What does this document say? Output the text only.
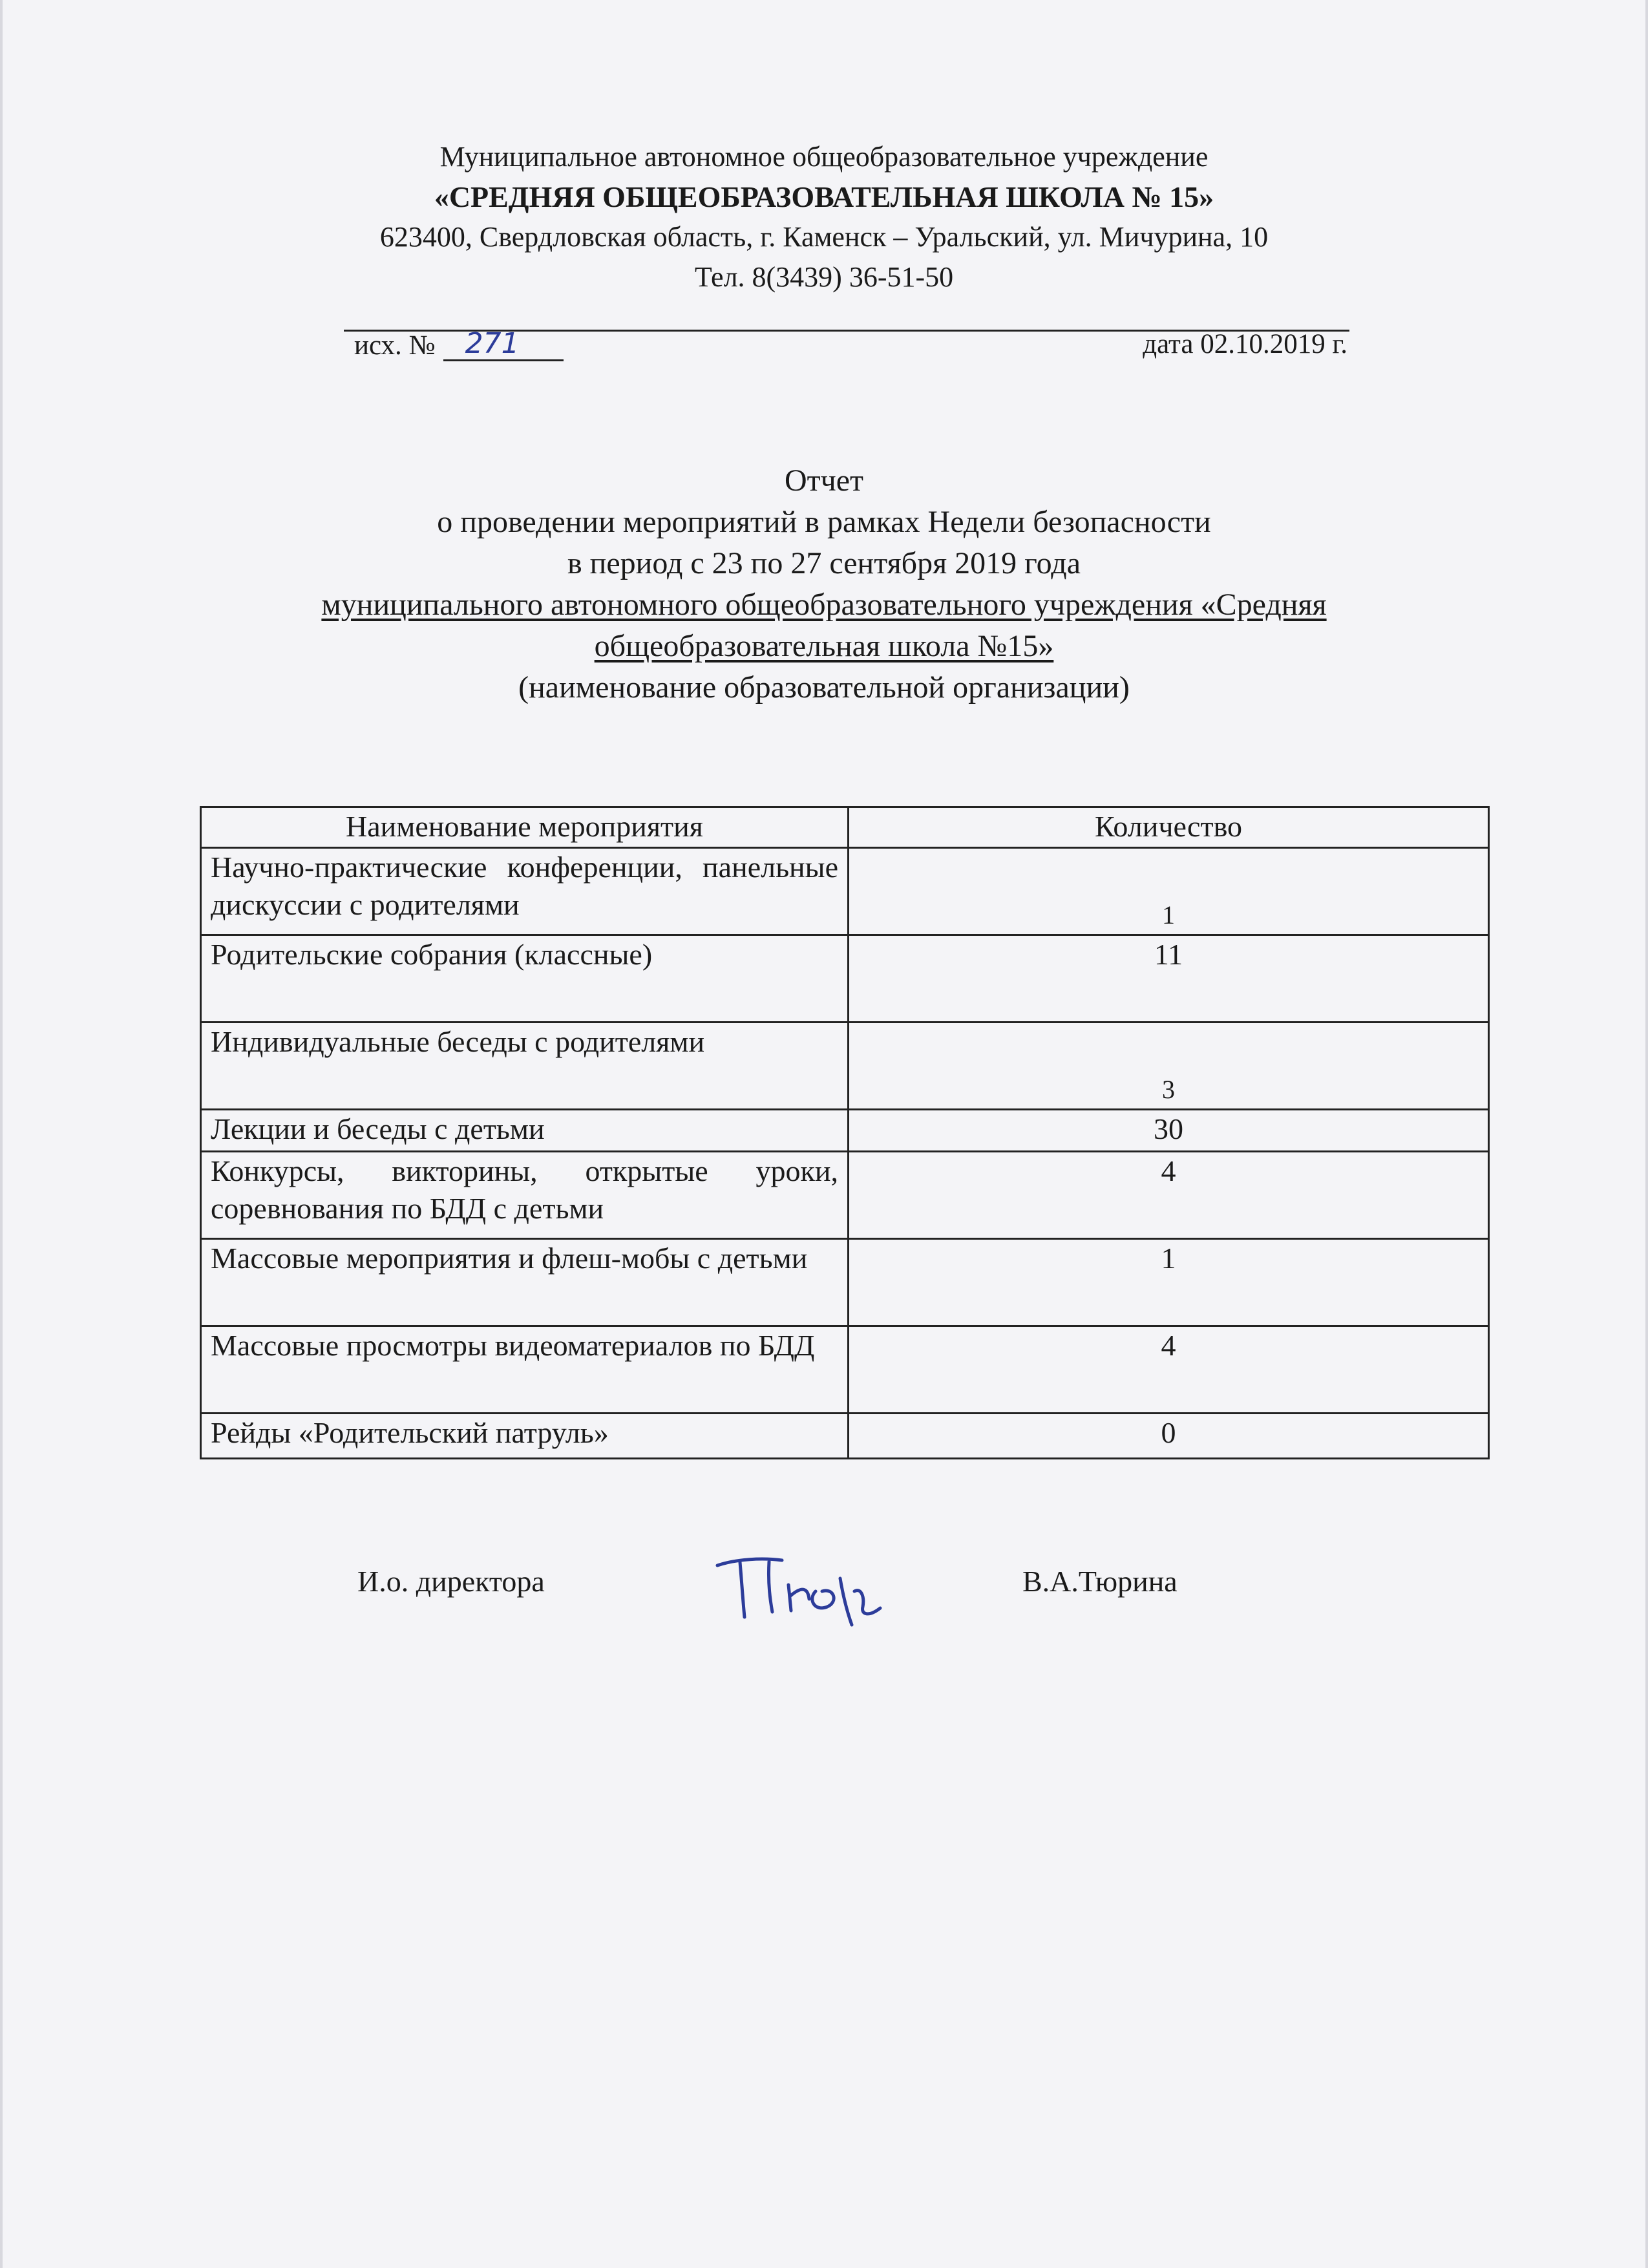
Муниципальное автономное общеобразовательное учреждение
«СРЕДНЯЯ ОБЩЕОБРАЗОВАТЕЛЬНАЯ ШКОЛА № 15»
623400, Свердловская область, г. Каменск – Уральский, ул. Мичурина, 10
Тел. 8(3439) 36-51-50
исх. № 271	дата 02.10.2019 г.
Отчет
о проведении мероприятий в рамках Недели безопасности
в период с 23 по 27 сентября 2019 года
муниципального автономного общеобразовательного учреждения «Средняя
общеобразовательная школа №15»
(наименование образовательной организации)
Наименование мероприятия	Количество
Научно-практические конференции, панельные дискуссии с родителями	1
Родительские собрания (классные)	11
Индивидуальные беседы с родителями	3
Лекции и беседы с детьми	30
Конкурсы, викторины, открытые уроки, соревнования по БДД с детьми	4
Массовые мероприятия и флеш-мобы с детьми	1
Массовые просмотры видеоматериалов по БДД	4
Рейды «Родительский патруль»	0
И.о. директора	В.А.Тюрина
